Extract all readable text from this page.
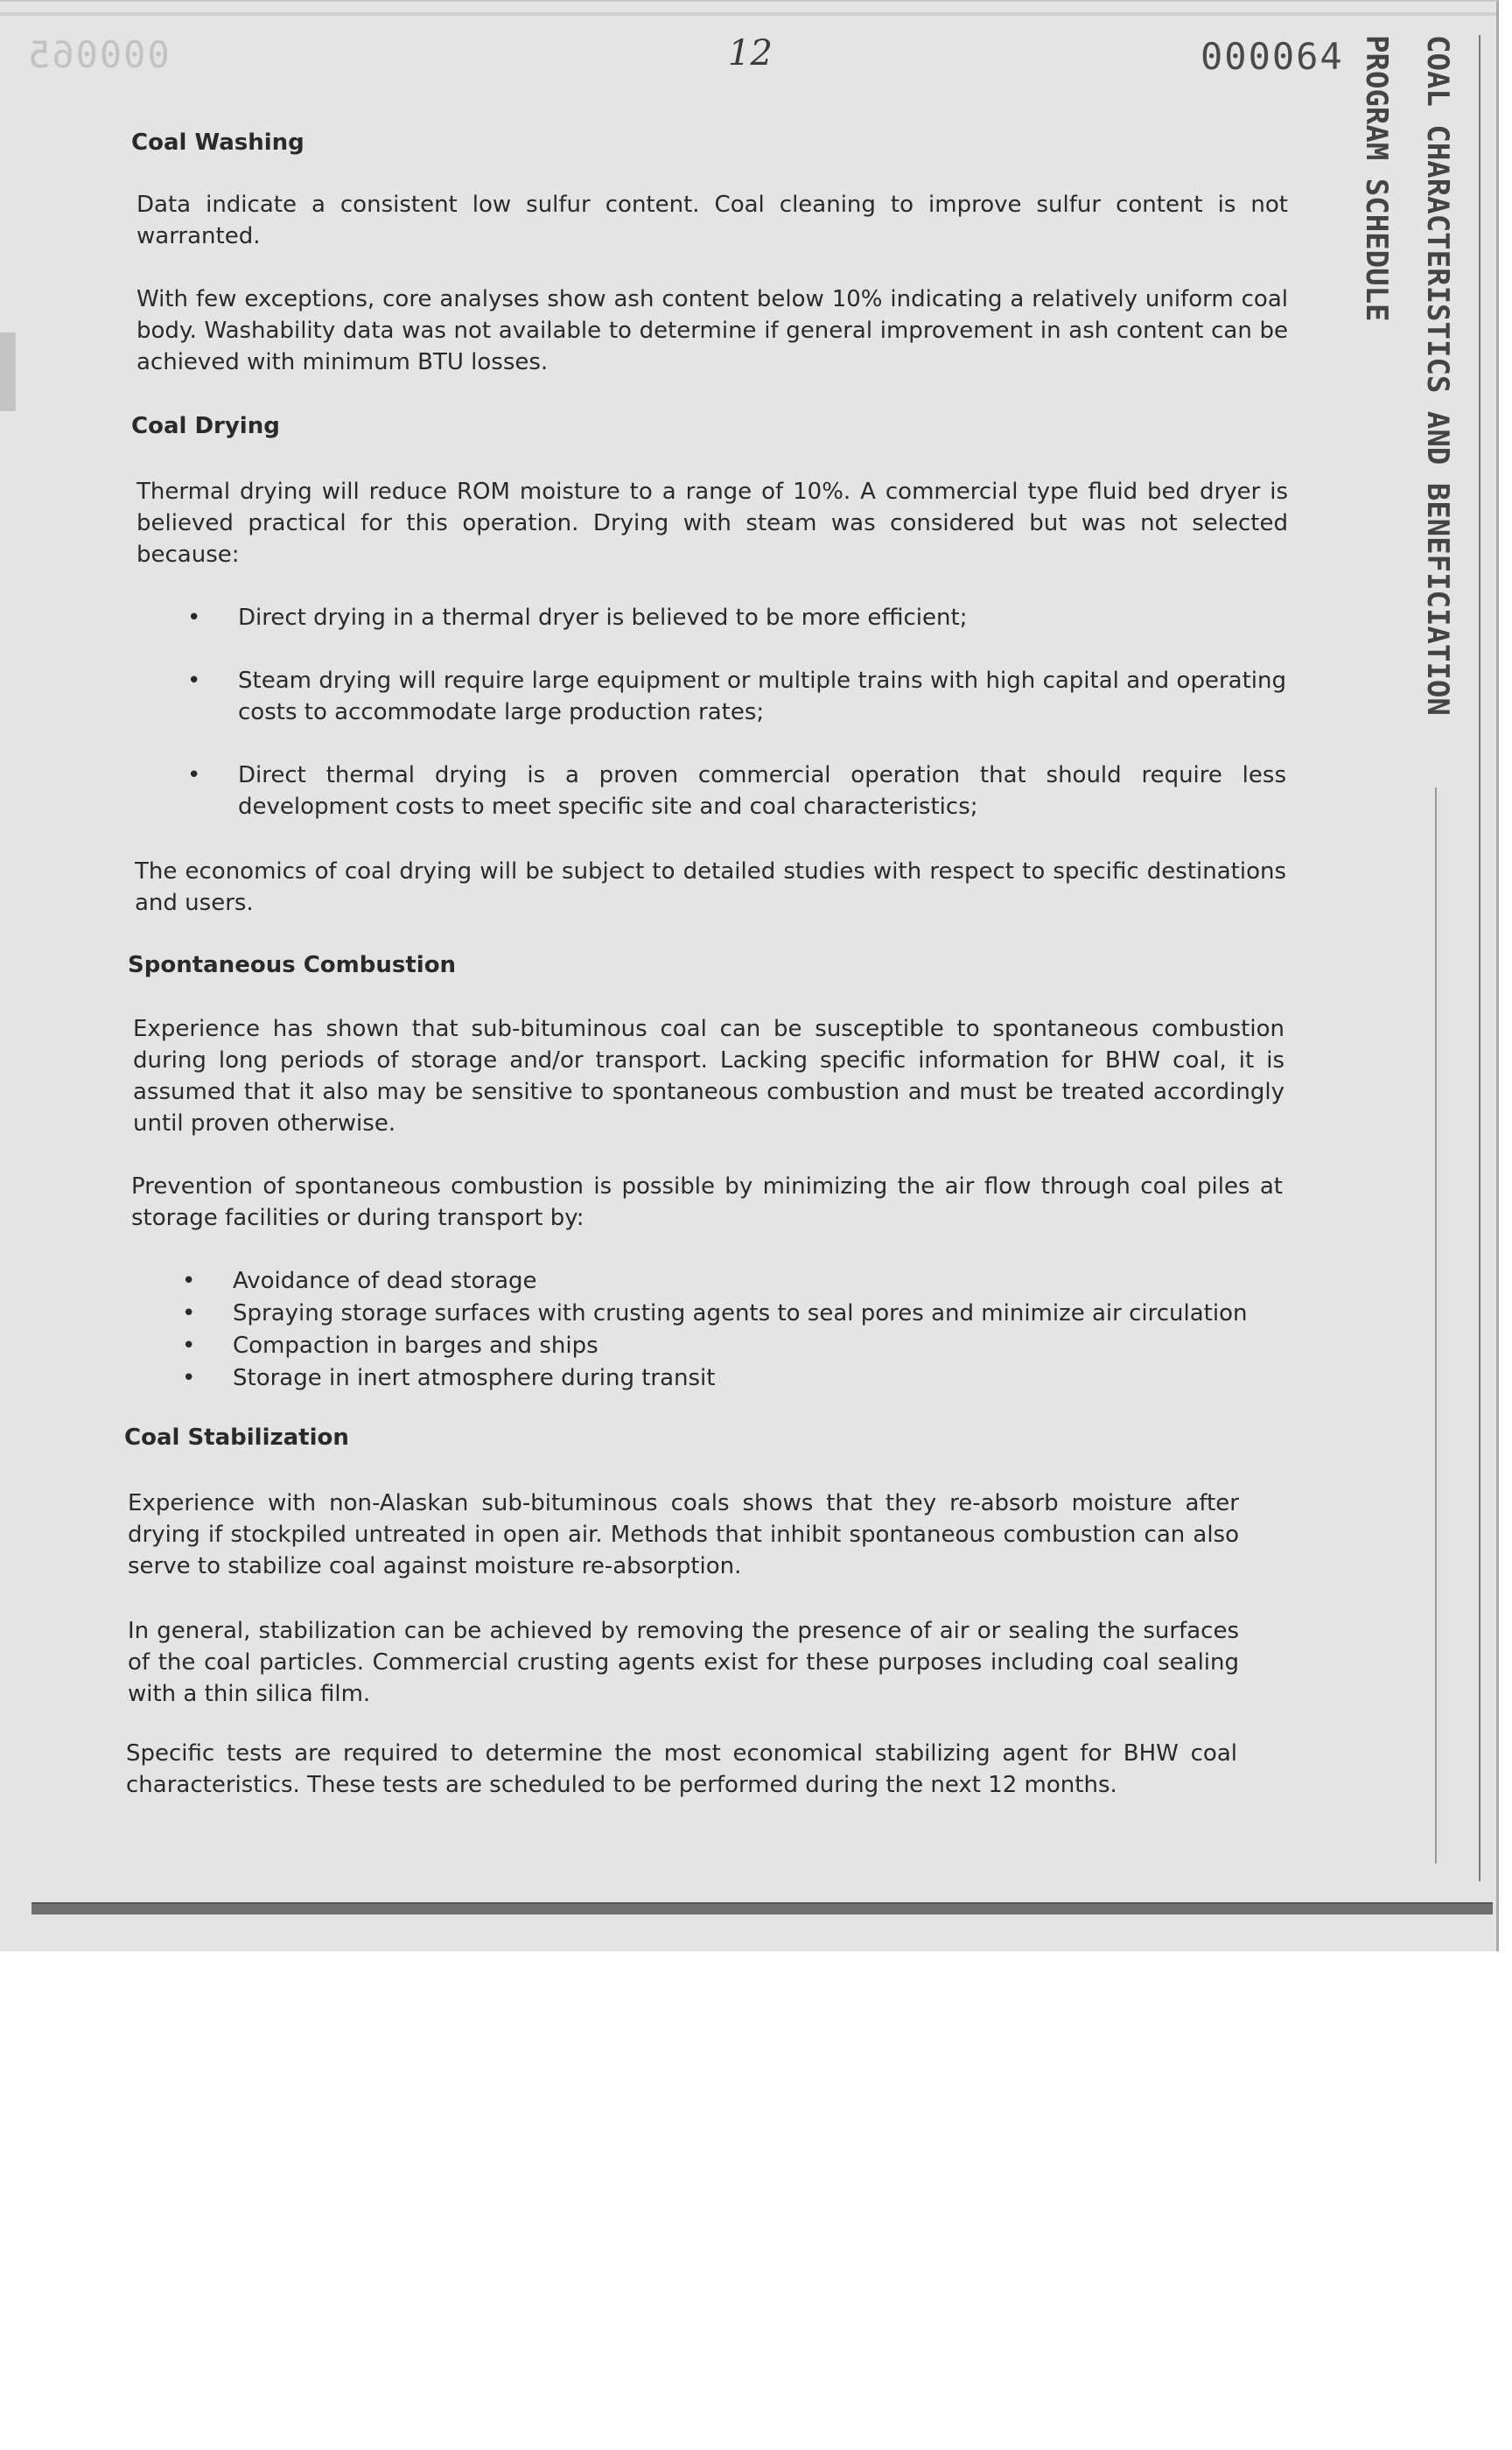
000065	12	000064	COAL CHARACTERISTICS AND BENEFICIATION
PROGRAM SCHEDULE
Coal Washing
Data indicate a consistent low sulfur content. Coal cleaning to improve sulfur content is not warranted.
With few exceptions, core analyses show ash content below 10% indicating a relatively uniform coal body. Washability data was not available to determine if general improvement in ash content can be achieved with minimum BTU losses.
Coal Drying
Thermal drying will reduce ROM moisture to a range of 10%. A commercial type fluid bed dryer is believed practical for this operation. Drying with steam was considered but was not selected because:
• Direct drying in a thermal dryer is believed to be more efficient;
• Steam drying will require large equipment or multiple trains with high capital and operating costs to accommodate large production rates;
• Direct thermal drying is a proven commercial operation that should require less development costs to meet specific site and coal characteristics;
The economics of coal drying will be subject to detailed studies with respect to specific destinations and users.
Spontaneous Combustion
Experience has shown that sub-bituminous coal can be susceptible to spontaneous combustion during long periods of storage and/or transport. Lacking specific information for BHW coal, it is assumed that it also may be sensitive to spontaneous combustion and must be treated accordingly until proven otherwise.
Prevention of spontaneous combustion is possible by minimizing the air flow through coal piles at storage facilities or during transport by:
• Avoidance of dead storage
• Spraying storage surfaces with crusting agents to seal pores and minimize air circulation
• Compaction in barges and ships
• Storage in inert atmosphere during transit
Coal Stabilization
Experience with non-Alaskan sub-bituminous coals shows that they re-absorb moisture after drying if stockpiled untreated in open air. Methods that inhibit spontaneous combustion can also serve to stabilize coal against moisture re-absorption.
In general, stabilization can be achieved by removing the presence of air or sealing the surfaces of the coal particles. Commercial crusting agents exist for these purposes including coal sealing with a thin silica film.
Specific tests are required to determine the most economical stabilizing agent for BHW coal characteristics. These tests are scheduled to be performed during the next 12 months.
